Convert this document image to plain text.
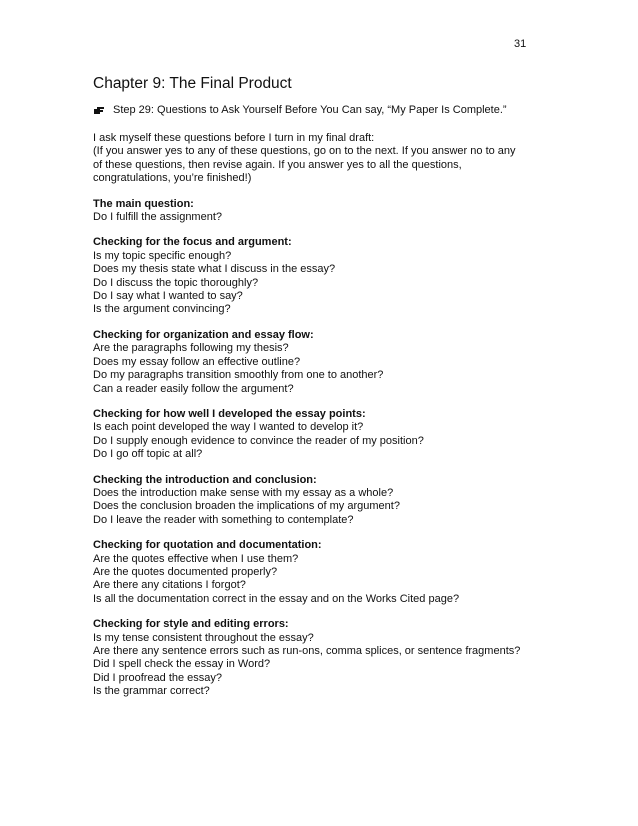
31
Chapter 9: The Final Product
Step 29: Questions to Ask Yourself Before You Can say, “My Paper Is Complete.”
I ask myself these questions before I turn in my final draft:
(If you answer yes to any of these questions, go on to the next. If you answer no to any
of these questions, then revise again. If you answer yes to all the questions,
congratulations, you’re finished!)
The main question:
Do I fulfill the assignment?
Checking for the focus and argument:
Is my topic specific enough?
Does my thesis state what I discuss in the essay?
Do I discuss the topic thoroughly?
Do I say what I wanted to say?
Is the argument convincing?
Checking for organization and essay flow:
Are the paragraphs following my thesis?
Does my essay follow an effective outline?
Do my paragraphs transition smoothly from one to another?
Can a reader easily follow the argument?
Checking for how well I developed the essay points:
Is each point developed the way I wanted to develop it?
Do I supply enough evidence to convince the reader of my position?
Do I go off topic at all?
Checking the introduction and conclusion:
Does the introduction make sense with my essay as a whole?
Does the conclusion broaden the implications of my argument?
Do I leave the reader with something to contemplate?
Checking for quotation and documentation:
Are the quotes effective when I use them?
Are the quotes documented properly?
Are there any citations I forgot?
Is all the documentation correct in the essay and on the Works Cited page?
Checking for style and editing errors:
Is my tense consistent throughout the essay?
Are there any sentence errors such as run-ons, comma splices, or sentence fragments?
Did I spell check the essay in Word?
Did I proofread the essay?
Is the grammar correct?
